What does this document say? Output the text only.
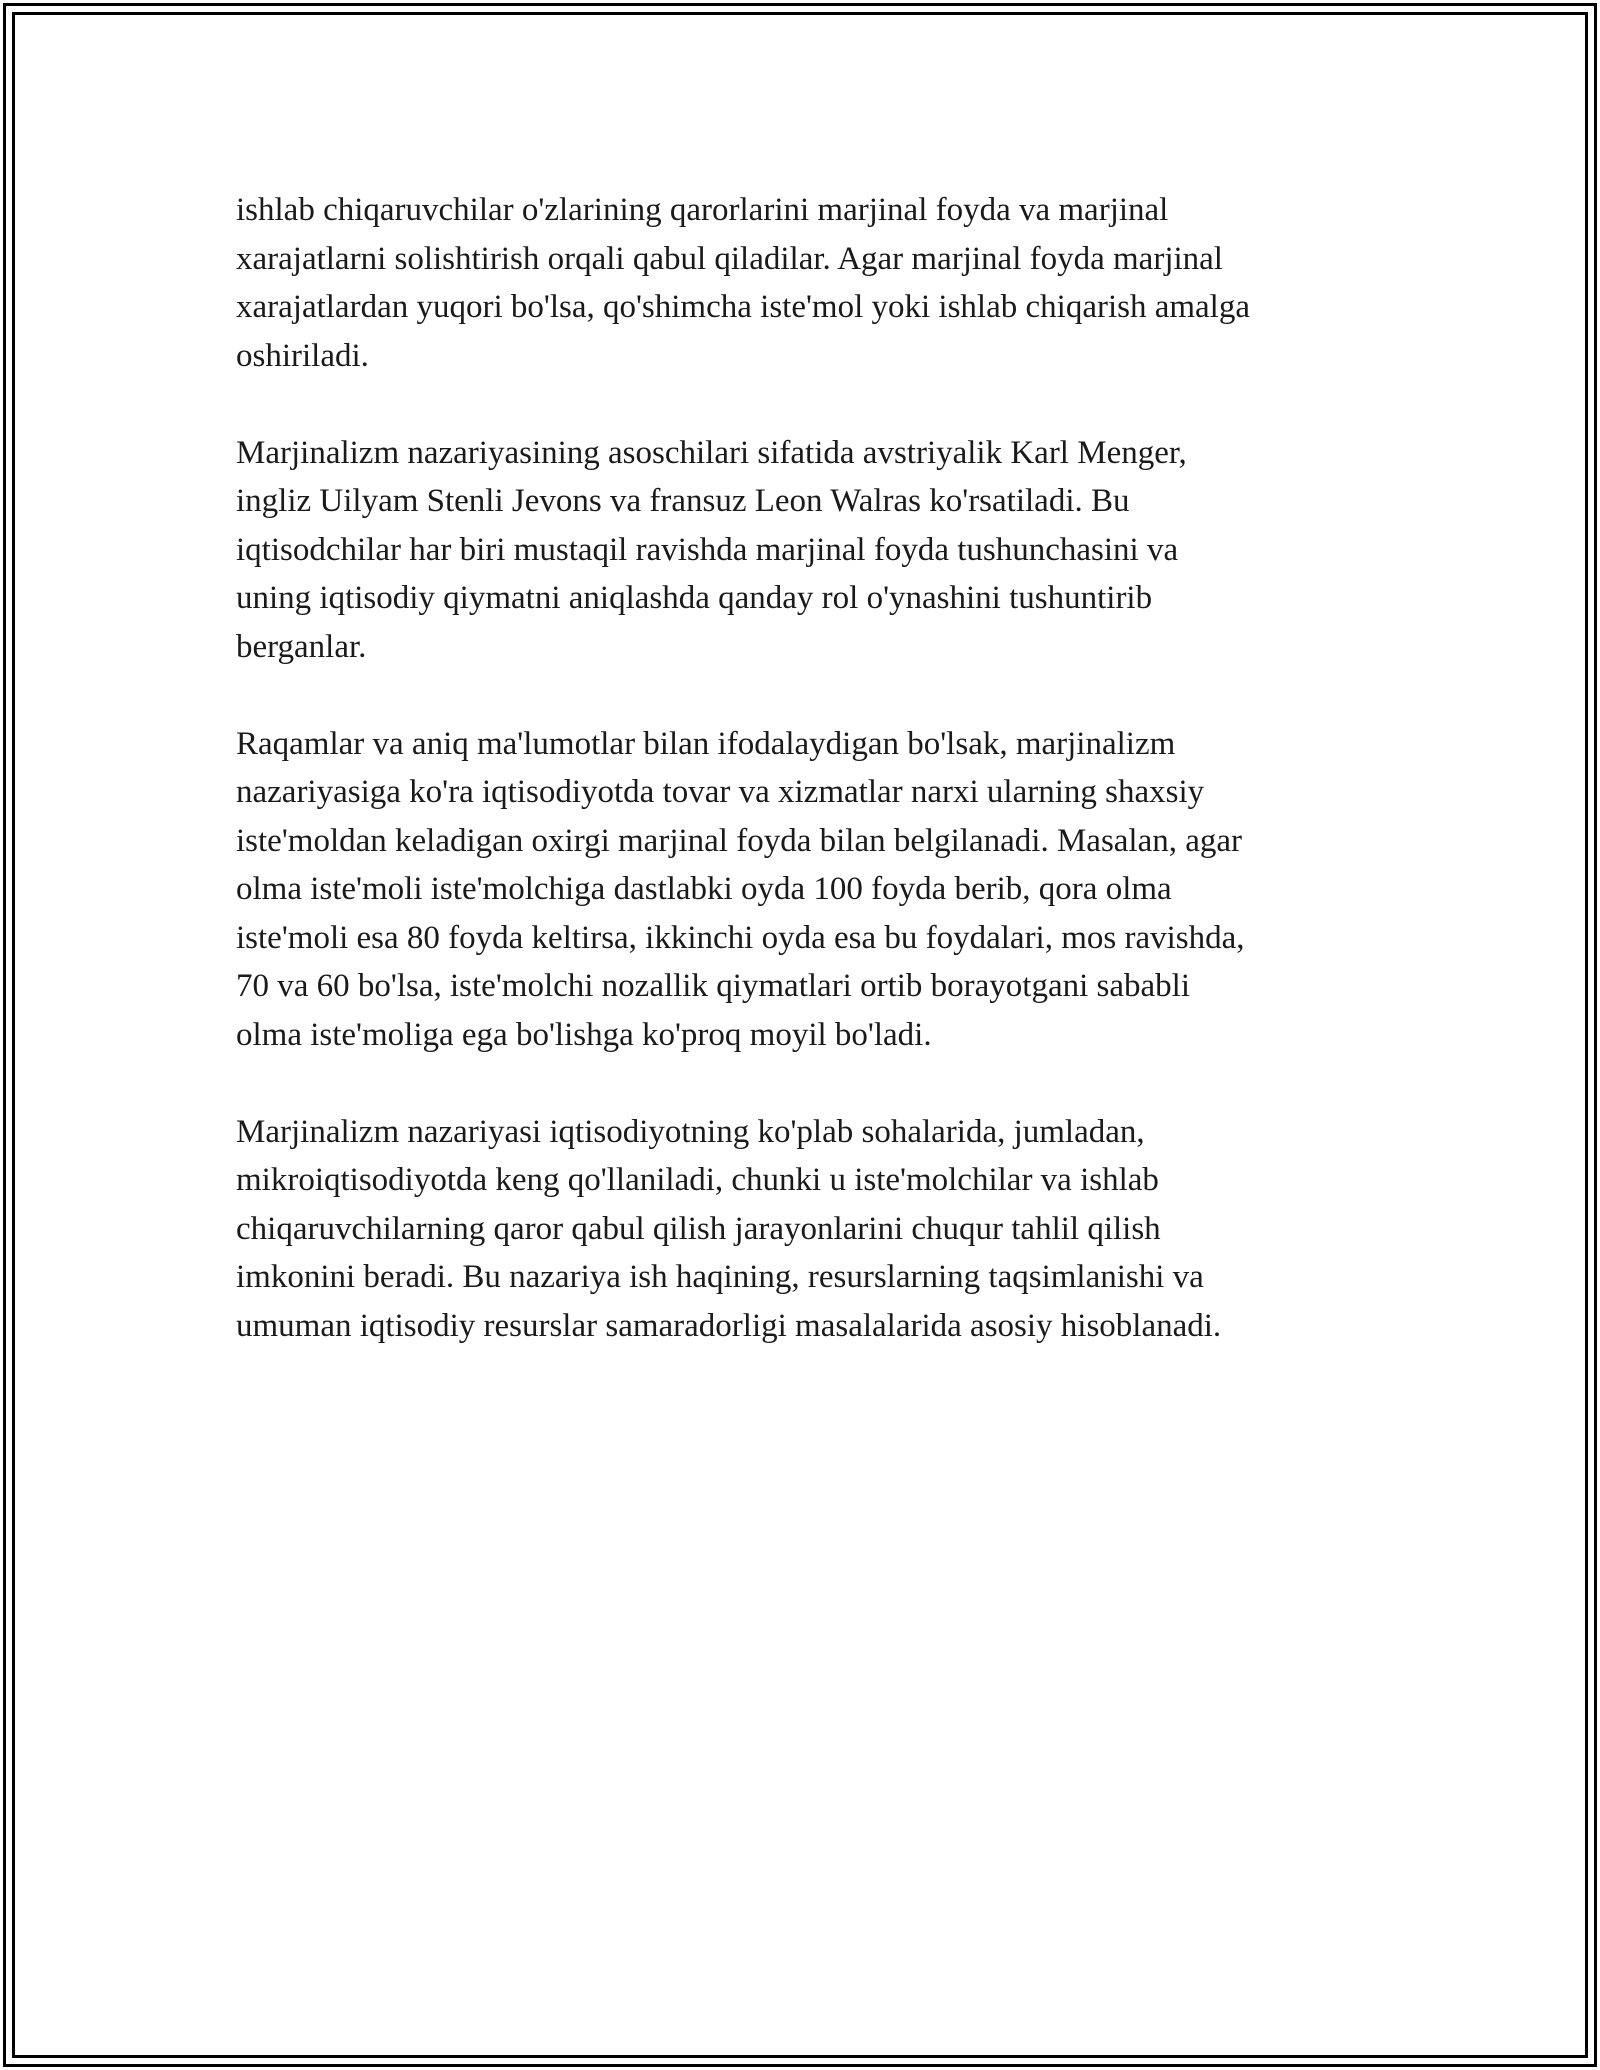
ishlab chiqaruvchilar o'zlarining qarorlarini marjinal foyda va marjinal
xarajatlarni solishtirish orqali qabul qiladilar. Agar marjinal foyda marjinal
xarajatlardan yuqori bo'lsa, qo'shimcha iste'mol yoki ishlab chiqarish amalga
oshiriladi.

Marjinalizm nazariyasining asoschilari sifatida avstriyalik Karl Menger,
ingliz Uilyam Stenli Jevons va fransuz Leon Walras ko'rsatiladi. Bu
iqtisodchilar har biri mustaqil ravishda marjinal foyda tushunchasini va
uning iqtisodiy qiymatni aniqlashda qanday rol o'ynashini tushuntirib
berganlar.

Raqamlar va aniq ma'lumotlar bilan ifodalaydigan bo'lsak, marjinalizm
nazariyasiga ko'ra iqtisodiyotda tovar va xizmatlar narxi ularning shaxsiy
iste'moldan keladigan oxirgi marjinal foyda bilan belgilanadi. Masalan, agar
olma iste'moli iste'molchiga dastlabki oyda 100 foyda berib, qora olma
iste'moli esa 80 foyda keltirsa, ikkinchi oyda esa bu foydalari, mos ravishda,
70 va 60 bo'lsa, iste'molchi nozallik qiymatlari ortib borayotgani sababli
olma iste'moliga ega bo'lishga ko'proq moyil bo'ladi.

Marjinalizm nazariyasi iqtisodiyotning ko'plab sohalarida, jumladan,
mikroiqtisodiyotda keng qo'llaniladi, chunki u iste'molchilar va ishlab
chiqaruvchilarning qaror qabul qilish jarayonlarini chuqur tahlil qilish
imkonini beradi. Bu nazariya ish haqining, resurslarning taqsimlanishi va
umuman iqtisodiy resurslar samaradorligi masalalarida asosiy hisoblanadi.
